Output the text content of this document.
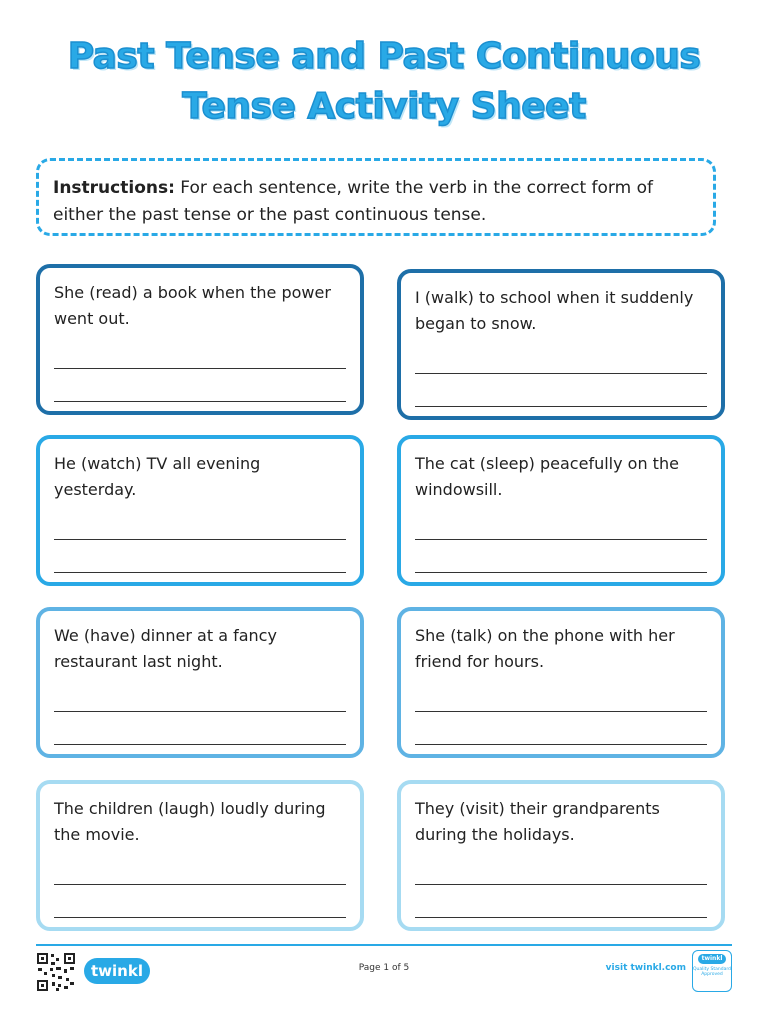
Past Tense and Past Continuous
Tense Activity Sheet
Instructions: For each sentence, write the verb in the correct form of either the past tense or the past continuous tense.
She (read) a book when the power went out.
I (walk) to school when it suddenly began to snow.
He (watch) TV all evening yesterday.
The cat (sleep) peacefully on the windowsill.
We (have) dinner at a fancy restaurant last night.
She (talk) on the phone with her friend for hours.
The children (laugh) loudly during the movie.
They (visit) their grandparents during the holidays.
twinkl	Page 1 of 5	visit twinkl.com
twinkl
Quality Standard Approved
